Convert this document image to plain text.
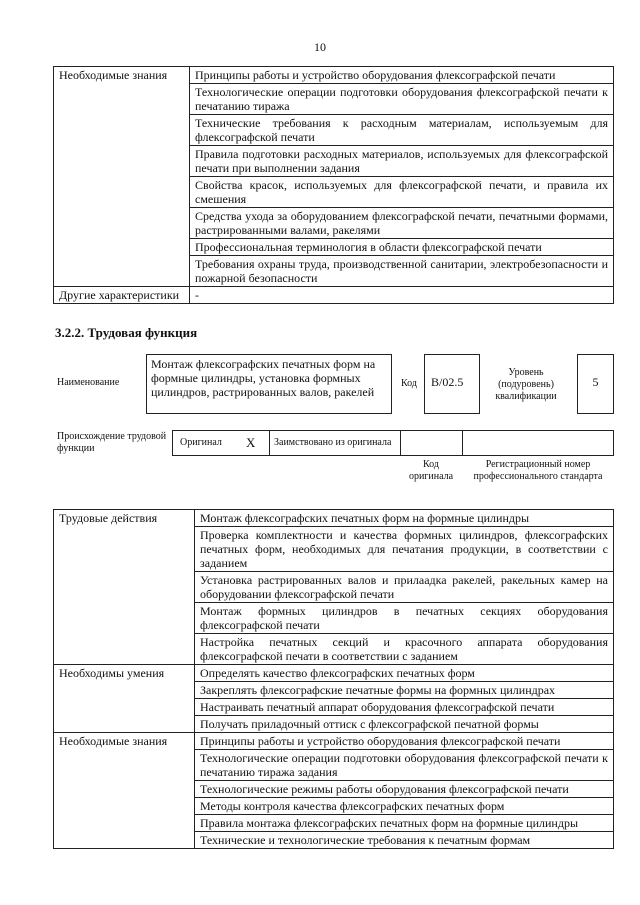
10
Необходимые знания	Принципы работы и устройство оборудования флексографской печати
	Технологические операции подготовки оборудования флексографской печати к печатанию тиража
	Технические требования к расходным материалам, используемым для флексографской печати
	Правила подготовки расходных материалов, используемых для флексографской печати при выполнении задания
	Свойства красок, используемых для флексографской печати, и правила их смешения
	Средства ухода за оборудованием флексографской печати, печатными формами, растрированными валами, ракелями
	Профессиональная терминология в области флексографской печати
	Требования охраны труда, производственной санитарии, электробезопасности и пожарной безопасности
Другие характеристики	-
3.2.2. Трудовая функция
Наименование
Монтаж флексографских печатных форм на формные цилиндры, установка формных цилиндров, растрированных валов, ракелей
Код	B/02.5
Уровень (подуровень) квалификации
5
Происхождение трудовой функции
Оригинал X	Заимствовано из оригинала
Код оригинала
Регистрационный номер профессионального стандарта
Трудовые действия	Монтаж флексографских печатных форм на формные цилиндры
	Проверка комплектности и качества формных цилиндров, флексографских печатных форм, необходимых для печатания продукции, в соответствии с заданием
	Установка растрированных валов и прилаадка ракелей, ракельных камер на оборудовании флексографской печати
	Монтаж формных цилиндров в печатных секциях оборудования флексографской печати
	Настройка печатных секций и красочного аппарата оборудования флексографской печати в соответствии с заданием
Необходимы умения	Определять качество флексографских печатных форм
	Закреплять флексографские печатные формы на формных цилиндрах
	Настраивать печатный аппарат оборудования флексографской печати
	Получать приладочный оттиск с флексографской печатной формы
Необходимые знания	Принципы работы и устройство оборудования флексографской печати
	Технологические операции подготовки оборудования флексографской печати к печатанию тиража задания
	Технологические режимы работы оборудования флексографской печати
	Методы контроля качества флексографских печатных форм
	Правила монтажа флексографских печатных форм на формные цилиндры
	Технические и технологические требования к печатным формам
